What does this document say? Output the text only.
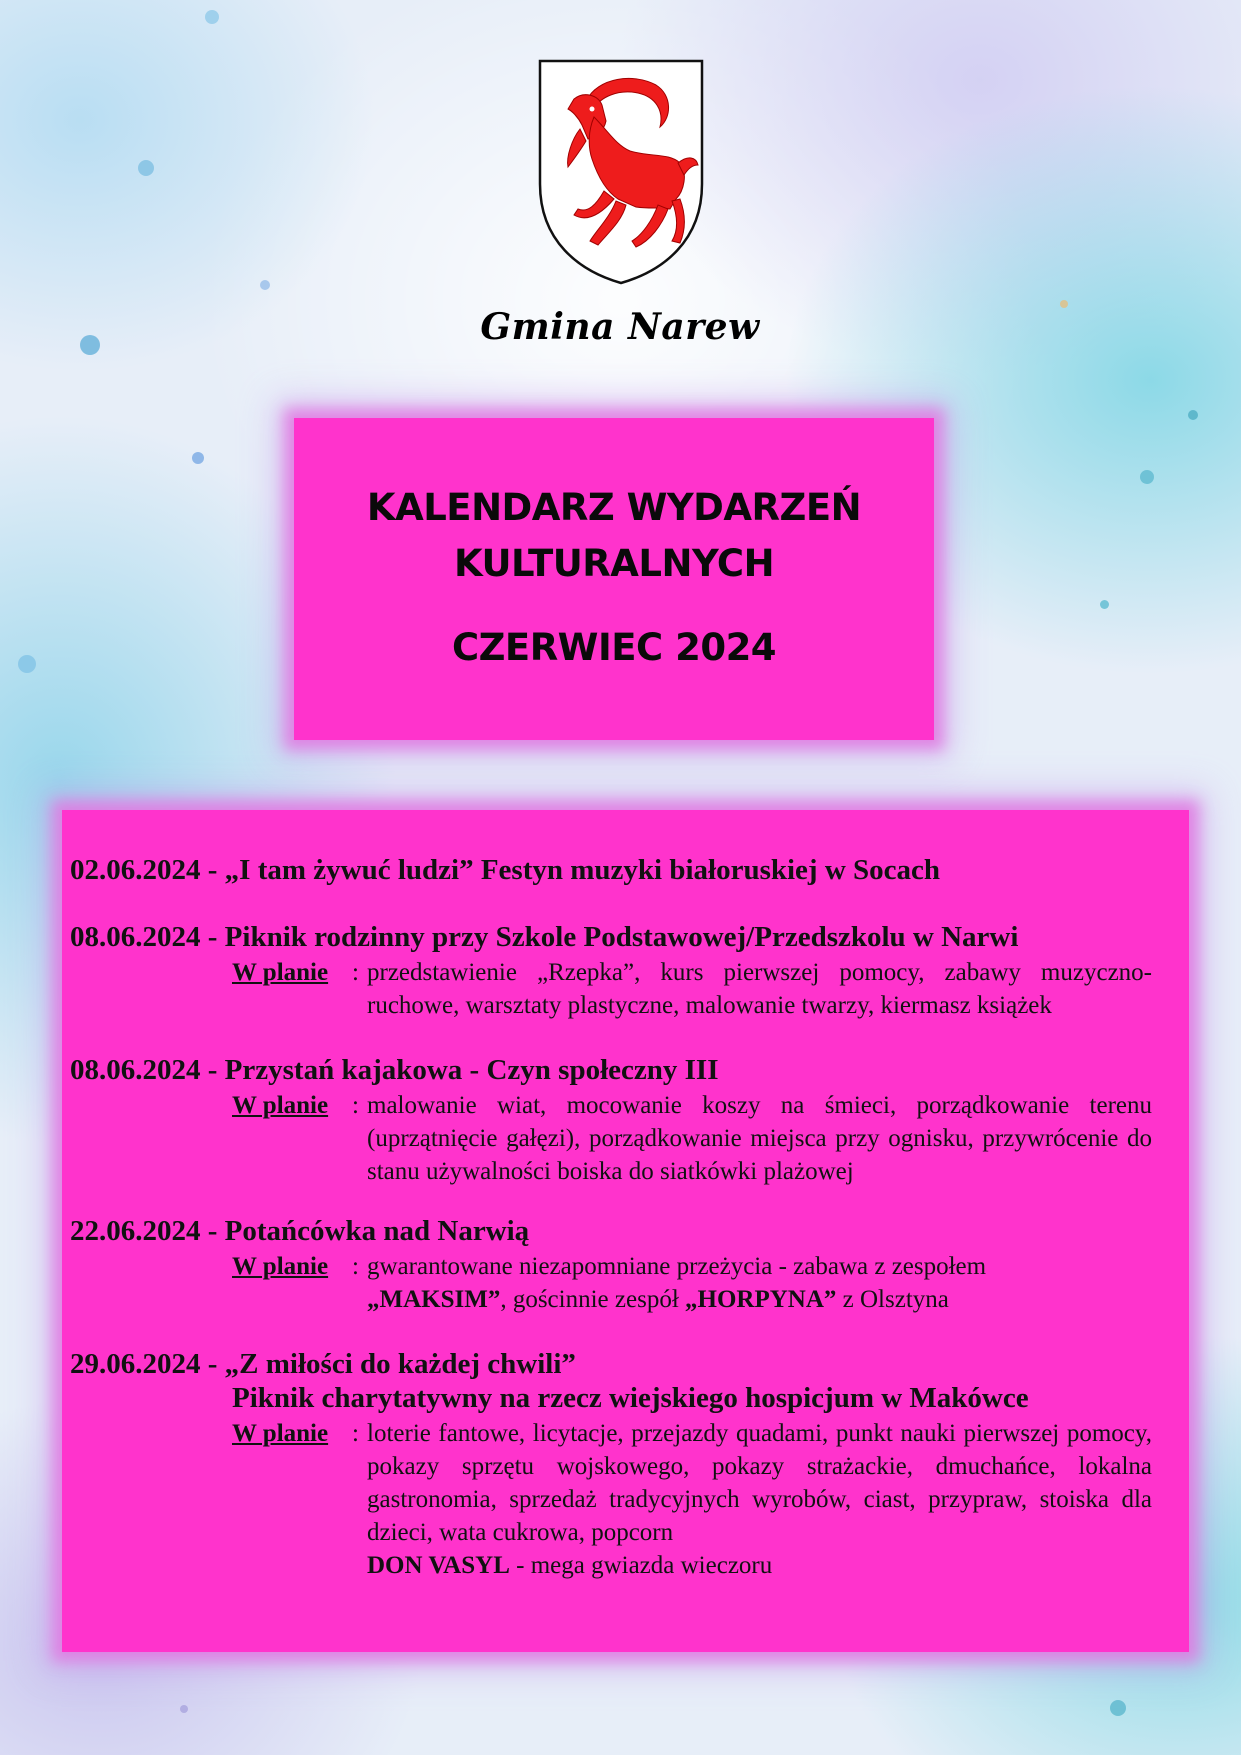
Gmina Narew
KALENDARZ WYDARZEŃ
KULTURALNYCH
CZERWIEC 2024
02.06.2024 - „I tam żywuć ludzi” Festyn muzyki białoruskiej w Socach
08.06.2024 - Piknik rodzinny przy Szkole Podstawowej/Przedszkolu w Narwi
W planie : przedstawienie „Rzepka”, kurs pierwszej pomocy, zabawy muzyczno-ruchowe, warsztaty plastyczne, malowanie twarzy, kiermasz książek
08.06.2024 - Przystań kajakowa - Czyn społeczny III
W planie : malowanie wiat, mocowanie koszy na śmieci, porządkowanie terenu (uprzątnięcie gałęzi), porządkowanie miejsca przy ognisku, przywrócenie do stanu używalności boiska do siatkówki plażowej
22.06.2024 - Potańcówka nad Narwią
W planie : gwarantowane niezapomniane przeżycia - zabawa z zespołem
„MAKSIM”, gościnnie zespół „HORPYNA” z Olsztyna
29.06.2024 - „Z miłości do każdej chwili”
Piknik charytatywny na rzecz wiejskiego hospicjum w Makówce
W planie : loterie fantowe, licytacje, przejazdy quadami, punkt nauki pierwszej pomocy, pokazy sprzętu wojskowego, pokazy strażackie, dmuchańce, lokalna gastronomia, sprzedaż tradycyjnych wyrobów, ciast, przypraw, stoiska dla dzieci, wata cukrowa, popcorn
DON VASYL - mega gwiazda wieczoru
